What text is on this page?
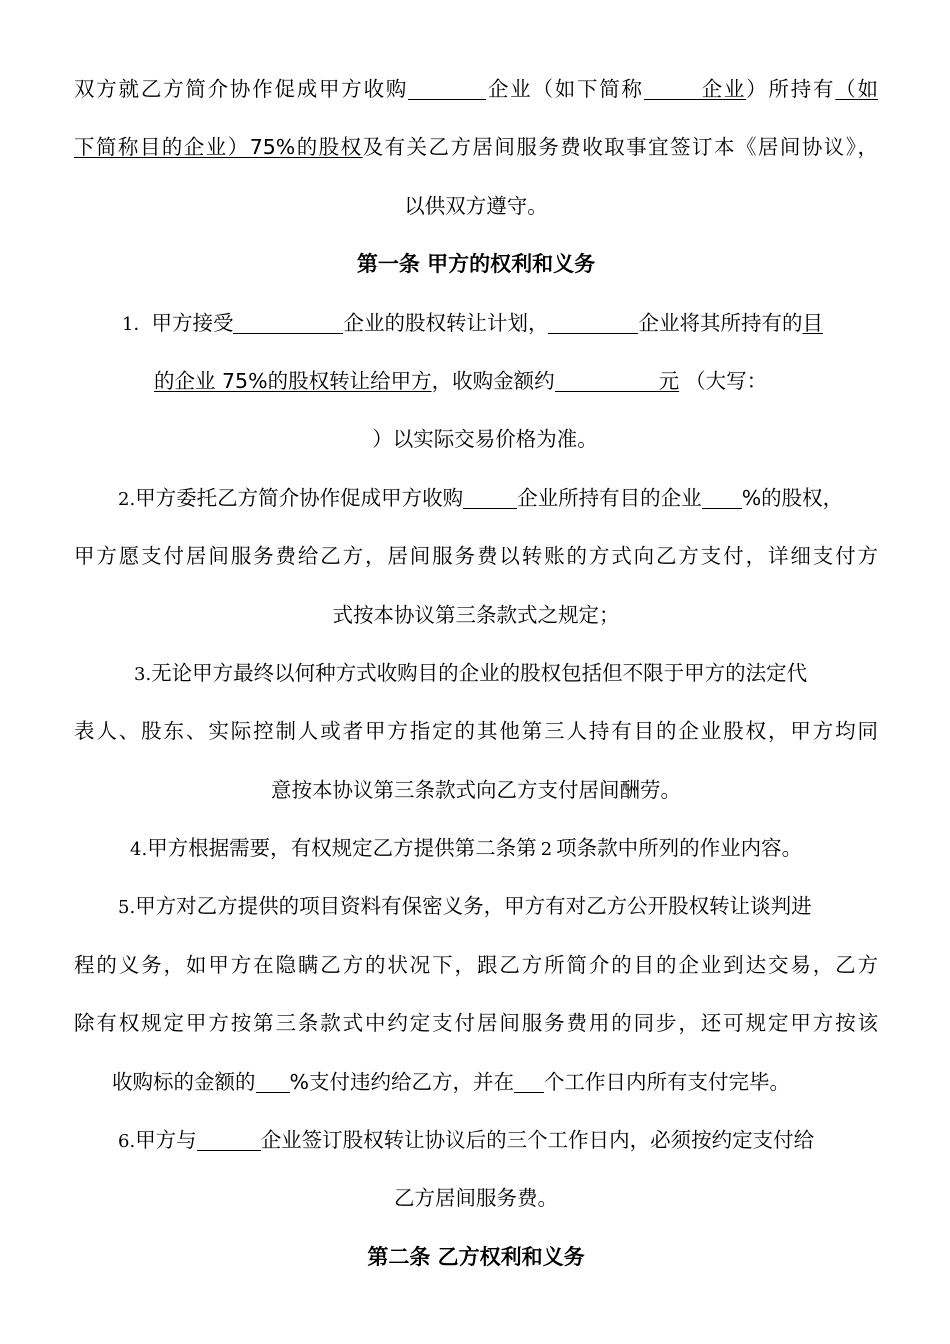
双方就乙方简介协作促成甲方收购	企业（如下简称	企业）所持有（如
下简称目的企业）75%的股权及有关乙方居间服务费收取事宜签订本《居间协议》，
以供双方遵守。
第一条 甲方的权利和义务
1．甲方接受	企业的股权转让计划，	企业将其所持有的目
的企业 75%的股权转让给甲方，收购金额约	元 （大写：
）以实际交易价格为准。
2.甲方委托乙方简介协作促成甲方收购	企业所持有目的企业 %的股权，
甲方愿支付居间服务费给乙方，居间服务费以转账的方式向乙方支付，详细支付方
式按本协议第三条款式之规定；
3.无论甲方最终以何种方式收购目的企业的股权包括但不限于甲方的法定代
表人、股东、实际控制人或者甲方指定的其他第三人持有目的企业股权，甲方均同
意按本协议第三条款式向乙方支付居间酬劳。
4.甲方根据需要，有权规定乙方提供第二条第 2 项条款中所列的作业内容。
5.甲方对乙方提供的项目资料有保密义务，甲方有对乙方公开股权转让谈判进
程的义务，如甲方在隐瞒乙方的状况下，跟乙方所简介的目的企业到达交易，乙方
除有权规定甲方按第三条款式中约定支付居间服务费用的同步，还可规定甲方按该
收购标的金额的 %支付违约给乙方，并在 个工作日内所有支付完毕。
6.甲方与	企业签订股权转让协议后的三个工作日内，必须按约定支付给
乙方居间服务费。
第二条 乙方权利和义务
